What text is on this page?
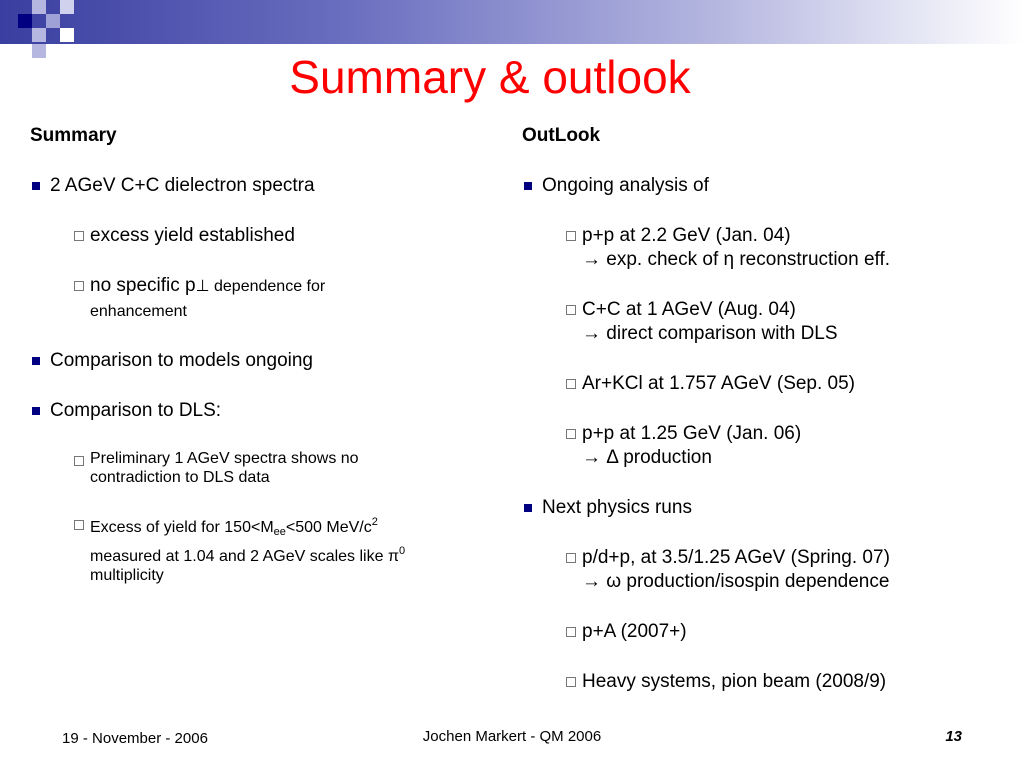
Summary & outlook
Summary
2 AGeV C+C dielectron spectra
excess yield established
no specific p⊥ dependence for
enhancement
Comparison to models ongoing
Comparison to DLS:
Preliminary 1 AGeV spectra shows no
contradiction to DLS data
Excess of yield for $150<M_{ee}<500$ MeV/$c^2$
measured at 1.04 and 2 AGeV scales like $\pi^0$
multiplicity
OutLook
Ongoing analysis of
p+p at 2.2 GeV (Jan. 04)
→ exp. check of η reconstruction eff.
C+C at 1 AGeV (Aug. 04)
→ direct comparison with DLS
Ar+KCl at 1.757 AGeV (Sep. 05)
p+p at 1.25 GeV (Jan. 06)
→ Δ production
Next physics runs
p/d+p, at 3.5/1.25 AGeV (Spring. 07)
→ ω production/isospin dependence
p+A (2007+)
Heavy systems, pion beam (2008/9)
19 - November - 2006	Jochen Markert - QM 2006	13
